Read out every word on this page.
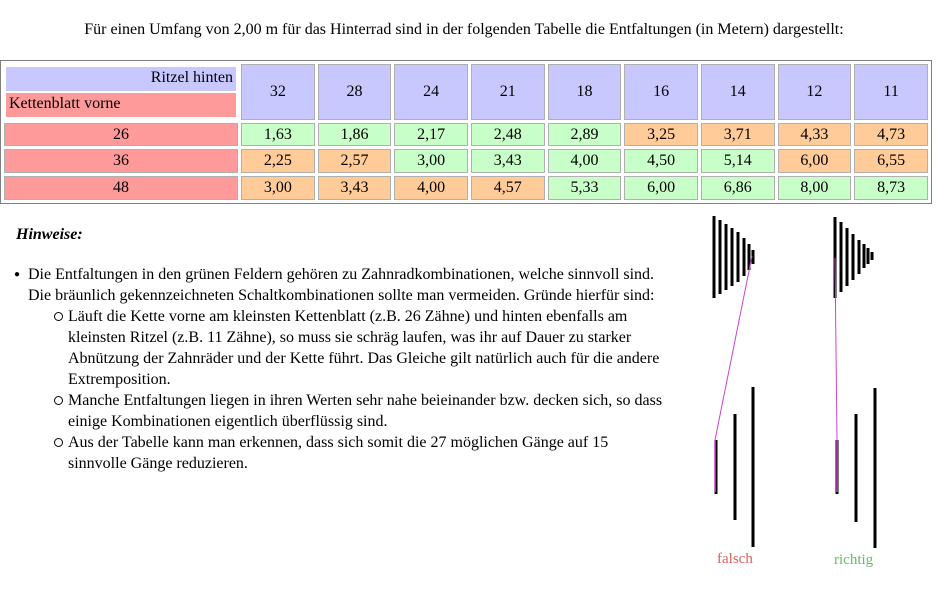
Für einen Umfang von 2,00 m für das Hinterrad sind in der folgenden Tabelle die Entfaltungen (in Metern) dargestellt:
Ritzel hinten
Kettenblatt vorne	32	28	24	21	18	16	14	12	11
26	1,63	1,86	2,17	2,48	2,89	3,25	3,71	4,33	4,73
36	2,25	2,57	3,00	3,43	4,00	4,50	5,14	6,00	6,55
48	3,00	3,43	4,00	4,57	5,33	6,00	6,86	8,00	8,73
Hinweise:
● Die Entfaltungen in den grünen Feldern gehören zu Zahnradkombinationen, welche sinnvoll sind. Die bräunlich gekennzeichneten Schaltkombinationen sollte man vermeiden. Gründe hierfür sind:
Läuft die Kette vorne am kleinsten Kettenblatt (z.B. 26 Zähne) und hinten ebenfalls am kleinsten Ritzel (z.B. 11 Zähne), so muss sie schräg laufen, was ihr auf Dauer zu starker Abnützung der Zahnräder und der Kette führt. Das Gleiche gilt natürlich auch für die andere Extremposition.
Manche Entfaltungen liegen in ihren Werten sehr nahe beieinander bzw. decken sich, so dass einige Kombinationen eigentlich überflüssig sind.
Aus der Tabelle kann man erkennen, dass sich somit die 27 möglichen Gänge auf 15 sinnvolle Gänge reduzieren.
falsch	richtig
